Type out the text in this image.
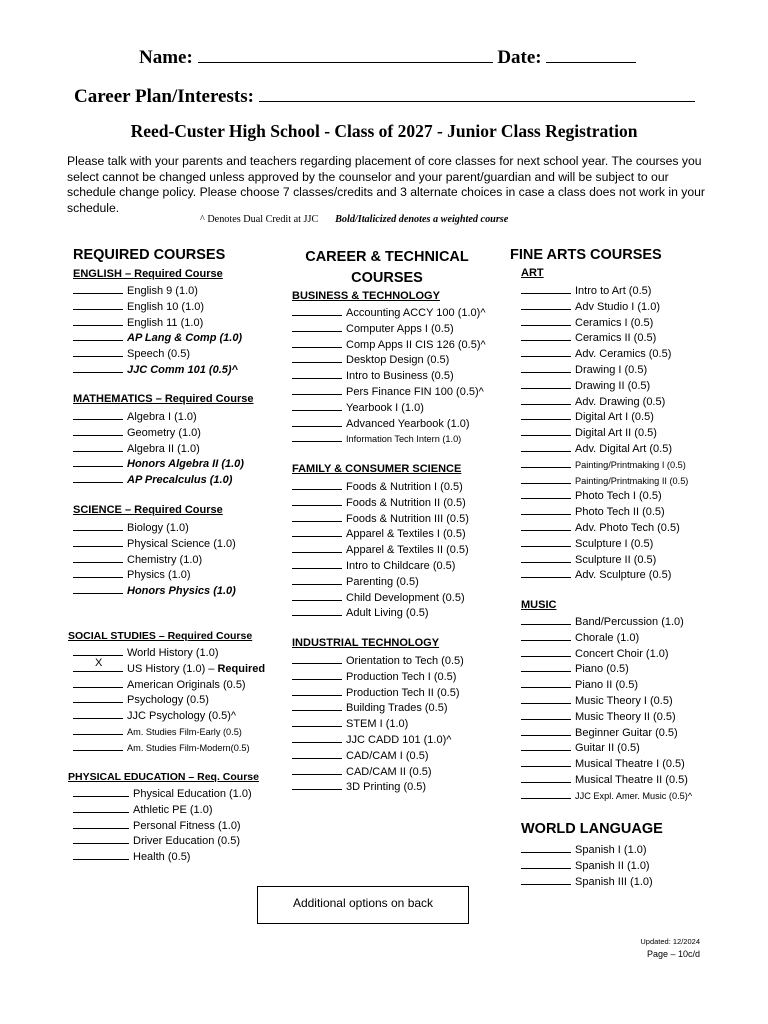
Name:	Date:
Career Plan/Interests:
Reed-Custer High School - Class of 2027 - Junior Class Registration
Please talk with your parents and teachers regarding placement of core classes for next school year. The courses you select cannot be changed unless approved by the counselor and your parent/guardian and will be subject to our schedule change policy. Please choose 7 classes/credits and 3 alternate choices in case a class does not work in your schedule.
^ Denotes Dual Credit at JJC Bold/Italicized denotes a weighted course
REQUIRED COURSES
ENGLISH – Required Course
English 9 (1.0)
English 10 (1.0)
English 11 (1.0)
AP Lang & Comp (1.0)
Speech (0.5)
JJC Comm 101 (0.5)^
MATHEMATICS – Required Course
Algebra I (1.0)
Geometry (1.0)
Algebra II (1.0)
Honors Algebra II (1.0)
AP Precalculus (1.0)
SCIENCE – Required Course
Biology (1.0)
Physical Science (1.0)
Chemistry (1.0)
Physics (1.0)
Honors Physics (1.0)
SOCIAL STUDIES – Required Course
World History (1.0)
X US History (1.0) – Required
American Originals (0.5)
Psychology (0.5)
JJC Psychology (0.5)^
Am. Studies Film-Early (0.5)
Am. Studies Film-Modern(0.5)
PHYSICAL EDUCATION – Req. Course
Physical Education (1.0)
Athletic PE (1.0)
Personal Fitness (1.0)
Driver Education (0.5)
Health (0.5)
CAREER & TECHNICAL
COURSES
BUSINESS & TECHNOLOGY
Accounting ACCY 100 (1.0)^
Computer Apps I (0.5)
Comp Apps II CIS 126 (0.5)^
Desktop Design (0.5)
Intro to Business (0.5)
Pers Finance FIN 100 (0.5)^
Yearbook I (1.0)
Advanced Yearbook (1.0)
Information Tech Intern (1.0)
FAMILY & CONSUMER SCIENCE
Foods & Nutrition I (0.5)
Foods & Nutrition II (0.5)
Foods & Nutrition III (0.5)
Apparel & Textiles I (0.5)
Apparel & Textiles II (0.5)
Intro to Childcare (0.5)
Parenting (0.5)
Child Development (0.5)
Adult Living (0.5)
INDUSTRIAL TECHNOLOGY
Orientation to Tech (0.5)
Production Tech I (0.5)
Production Tech II (0.5)
Building Trades (0.5)
STEM I (1.0)
JJC CADD 101 (1.0)^
CAD/CAM I (0.5)
CAD/CAM II (0.5)
3D Printing (0.5)
FINE ARTS COURSES
ART
Intro to Art (0.5)
Adv Studio I (1.0)
Ceramics I (0.5)
Ceramics II (0.5)
Adv. Ceramics (0.5)
Drawing I (0.5)
Drawing II (0.5)
Adv. Drawing (0.5)
Digital Art I (0.5)
Digital Art II (0.5)
Adv. Digital Art (0.5)
Painting/Printmaking I (0.5)
Painting/Printmaking II (0.5)
Photo Tech I (0.5)
Photo Tech II (0.5)
Adv. Photo Tech (0.5)
Sculpture I (0.5)
Sculpture II (0.5)
Adv. Sculpture (0.5)
MUSIC
Band/Percussion (1.0)
Chorale (1.0)
Concert Choir (1.0)
Piano (0.5)
Piano II (0.5)
Music Theory I (0.5)
Music Theory II (0.5)
Beginner Guitar (0.5)
Guitar II (0.5)
Musical Theatre I (0.5)
Musical Theatre II (0.5)
JJC Expl. Amer. Music (0.5)^
WORLD LANGUAGE
Spanish I (1.0)
Spanish II (1.0)
Spanish III (1.0)
Additional options on back
Updated: 12/2024
Page – 10c/d
